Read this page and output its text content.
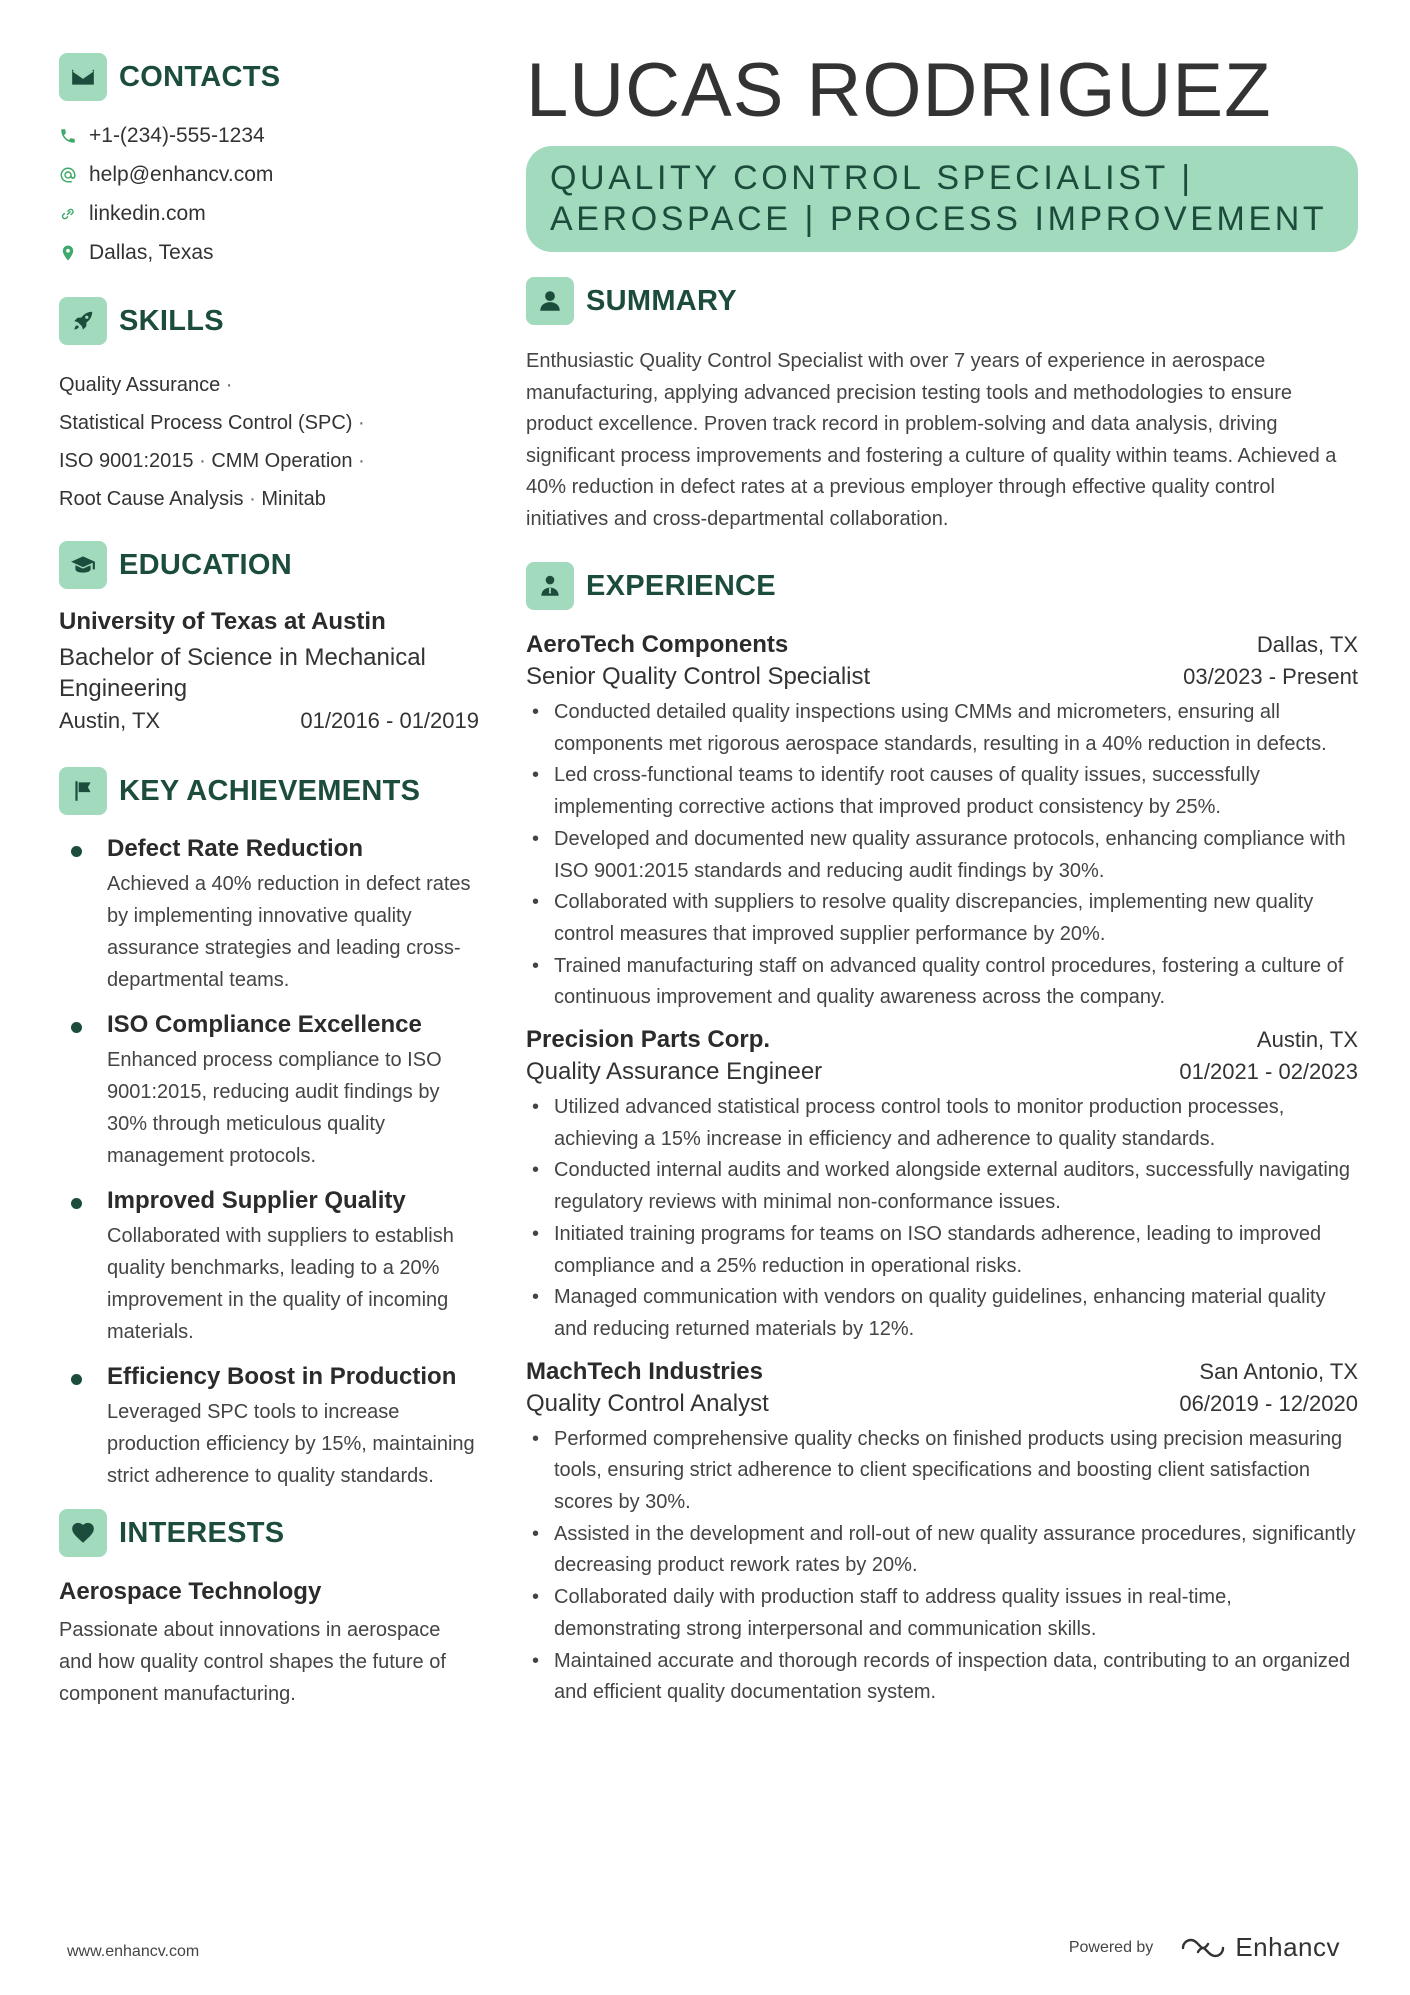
CONTACTS
+1-(234)-555-1234
help@enhancv.com
linkedin.com
Dallas, Texas
SKILLS
Quality Assurance ·
Statistical Process Control (SPC) ·
ISO 9001:2015 · CMM Operation ·
Root Cause Analysis · Minitab
EDUCATION
University of Texas at Austin
Bachelor of Science in Mechanical Engineering
Austin, TX	01/2016 - 01/2019
KEY ACHIEVEMENTS
Defect Rate Reduction
Achieved a 40% reduction in defect rates by implementing innovative quality assurance strategies and leading cross-departmental teams.
ISO Compliance Excellence
Enhanced process compliance to ISO 9001:2015, reducing audit findings by 30% through meticulous quality management protocols.
Improved Supplier Quality
Collaborated with suppliers to establish quality benchmarks, leading to a 20% improvement in the quality of incoming materials.
Efficiency Boost in Production
Leveraged SPC tools to increase production efficiency by 15%, maintaining strict adherence to quality standards.
INTERESTS
Aerospace Technology
Passionate about innovations in aerospace and how quality control shapes the future of component manufacturing.
LUCAS RODRIGUEZ
QUALITY CONTROL SPECIALIST | AEROSPACE | PROCESS IMPROVEMENT
SUMMARY
Enthusiastic Quality Control Specialist with over 7 years of experience in aerospace manufacturing, applying advanced precision testing tools and methodologies to ensure product excellence. Proven track record in problem-solving and data analysis, driving significant process improvements and fostering a culture of quality within teams. Achieved a 40% reduction in defect rates at a previous employer through effective quality control initiatives and cross-departmental collaboration.
EXPERIENCE
AeroTech Components	Dallas, TX
Senior Quality Control Specialist	03/2023 - Present
• Conducted detailed quality inspections using CMMs and micrometers, ensuring all components met rigorous aerospace standards, resulting in a 40% reduction in defects.
• Led cross-functional teams to identify root causes of quality issues, successfully implementing corrective actions that improved product consistency by 25%.
• Developed and documented new quality assurance protocols, enhancing compliance with ISO 9001:2015 standards and reducing audit findings by 30%.
• Collaborated with suppliers to resolve quality discrepancies, implementing new quality control measures that improved supplier performance by 20%.
• Trained manufacturing staff on advanced quality control procedures, fostering a culture of continuous improvement and quality awareness across the company.
Precision Parts Corp.	Austin, TX
Quality Assurance Engineer	01/2021 - 02/2023
• Utilized advanced statistical process control tools to monitor production processes, achieving a 15% increase in efficiency and adherence to quality standards.
• Conducted internal audits and worked alongside external auditors, successfully navigating regulatory reviews with minimal non-conformance issues.
• Initiated training programs for teams on ISO standards adherence, leading to improved compliance and a 25% reduction in operational risks.
• Managed communication with vendors on quality guidelines, enhancing material quality and reducing returned materials by 12%.
MachTech Industries	San Antonio, TX
Quality Control Analyst	06/2019 - 12/2020
• Performed comprehensive quality checks on finished products using precision measuring tools, ensuring strict adherence to client specifications and boosting client satisfaction scores by 30%.
• Assisted in the development and roll-out of new quality assurance procedures, significantly decreasing product rework rates by 20%.
• Collaborated daily with production staff to address quality issues in real-time, demonstrating strong interpersonal and communication skills.
• Maintained accurate and thorough records of inspection data, contributing to an organized and efficient quality documentation system.
www.enhancv.com	Powered by	Enhancv
